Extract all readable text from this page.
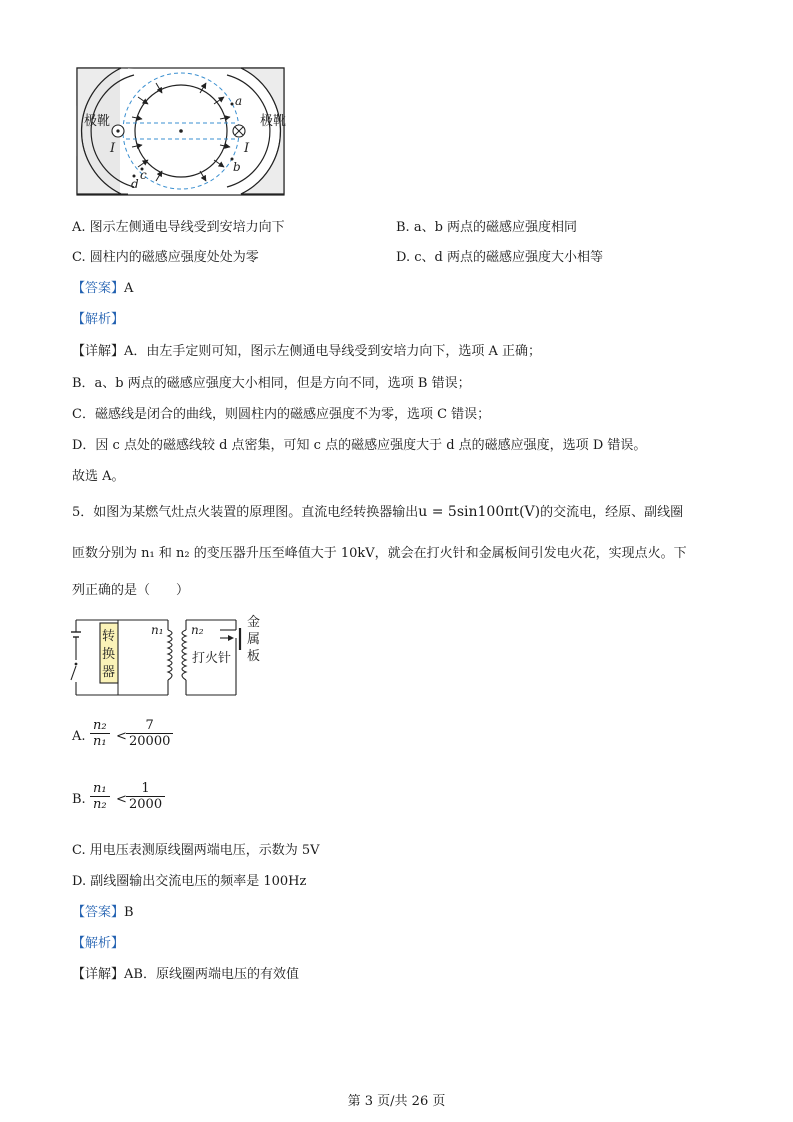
极靴	极靴
I	I
a
b
c
d
A. 图示左侧通电导线受到安培力向下	B. a、b 两点的磁感应强度相同
C. 圆柱内的磁感应强度处处为零	D. c、d 两点的磁感应强度大小相等
【答案】A
【解析】
【详解】A．由左手定则可知，图示左侧通电导线受到安培力向下，选项 A 正确；
B．a、b 两点的磁感应强度大小相同，但是方向不同，选项 B 错误；
C．磁感线是闭合的曲线，则圆柱内的磁感应强度不为零，选项 C 错误；
D．因 c 点处的磁感线较 d 点密集，可知 c 点的磁感应强度大于 d 点的磁感应强度，选项 D 错误。
故选 A。
5．如图为某燃气灶点火装置的原理图。直流电经转换器输出u = 5sin100πt(V)的交流电，经原、副线圈
匝数分别为 n₁ 和 n₂ 的变压器升压至峰值大于 10kV，就会在打火针和金属板间引发电火花，实现点火。下
列正确的是（　　）
转
换
器
n₁ n₂
打火针
金
属
板
A. $\frac{\text{n₂}}{\text{n₁}} < \frac{7}{20000}$
B. $\frac{\text{n₁}}{\text{n₂}} < \frac{1}{2000}$
C. 用电压表测原线圈两端电压，示数为 5V
D. 副线圈输出交流电压的频率是 100Hz
【答案】B
【解析】
【详解】AB．原线圈两端电压的有效值
第 3 页/共 26 页
